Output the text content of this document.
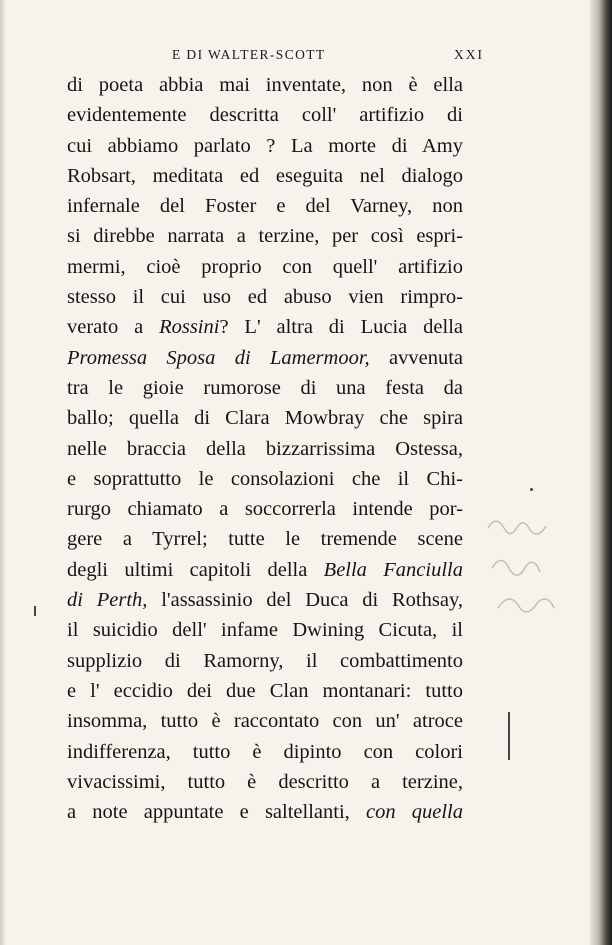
E DI WALTER-SCOTT	XXI
di poeta abbia mai inventate, non è ella
evidentemente descritta coll' artifizio di
cui abbiamo parlato ? La morte di Amy
Robsart, meditata ed eseguita nel dialogo
infernale del Foster e del Varney, non
si direbbe narrata a terzine, per così espri-
mermi, cioè proprio con quell' artifizio
stesso il cui uso ed abuso vien rimpro-
verato a Rossini? L' altra di Lucia della
Promessa Sposa di Lamermoor, avvenuta
tra le gioie rumorose di una festa da
ballo; quella di Clara Mowbray che spira
nelle braccia della bizzarrissima Ostessa,
e soprattutto le consolazioni che il Chi-
rurgo chiamato a soccorrerla intende por-
gere a Tyrrel; tutte le tremende scene
degli ultimi capitoli della Bella Fanciulla
di Perth, l'assassinio del Duca di Rothsay,
il suicidio dell' infame Dwining Cicuta, il
supplizio di Ramorny, il combattimento
e l' eccidio dei due Clan montanari: tutto
insomma, tutto è raccontato con un' atroce
indifferenza, tutto è dipinto con colori
vivacissimi, tutto è descritto a terzine,
a note appuntate e saltellanti, con quella
